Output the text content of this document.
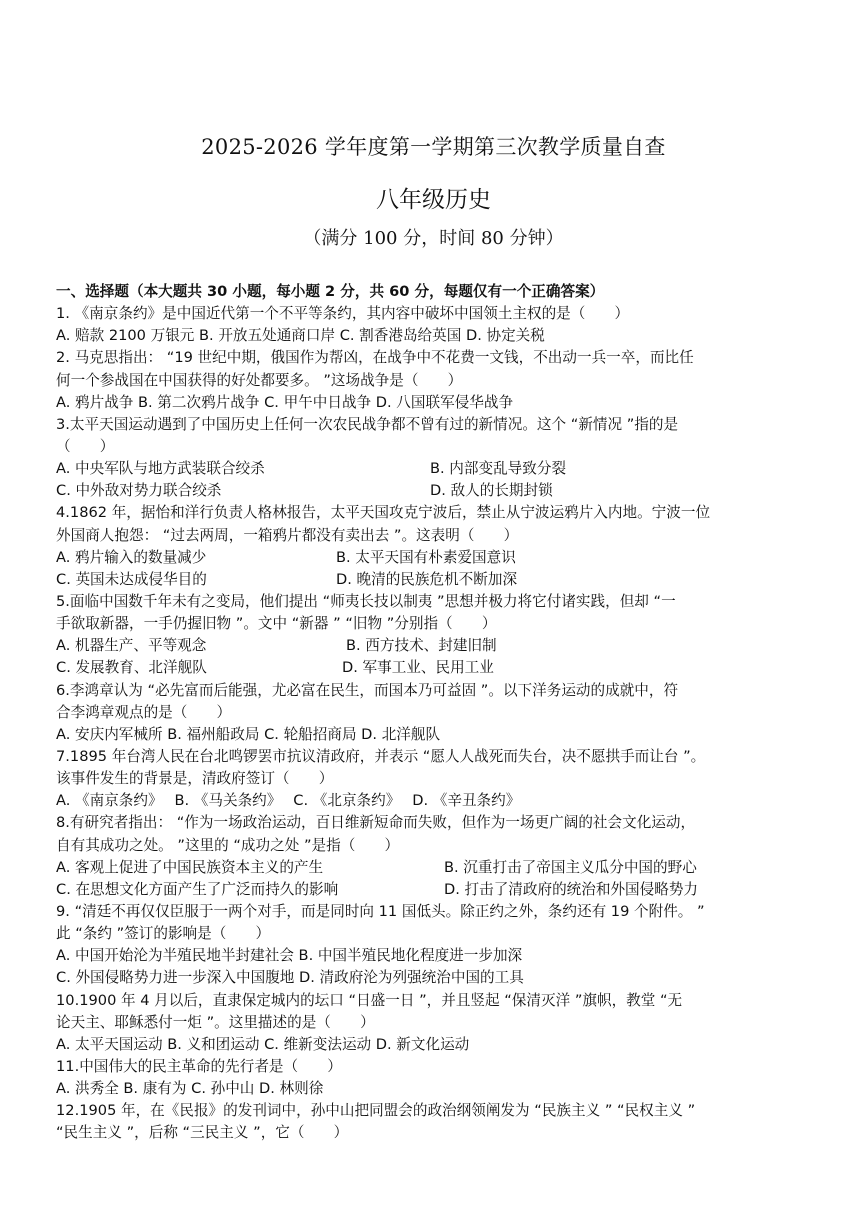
2025-2026 学年度第一学期第三次教学质量自查
八年级历史
（满分 100 分，时间 80 分钟）
一、选择题（本大题共 30 小题，每小题 2 分，共 60 分，每题仅有一个正确答案）
1. 《南京条约》是中国近代第一个不平等条约，其内容中破坏中国领土主权的是（　　）
A. 赔款 2100 万银元 B. 开放五处通商口岸 C. 割香港岛给英国 D. 协定关税
2. 马克思指出： “19 世纪中期，俄国作为帮凶，在战争中不花费一文钱，不出动一兵一卒，而比任
何一个参战国在中国获得的好处都要多。 ”这场战争是（　　）
A. 鸦片战争 B. 第二次鸦片战争 C. 甲午中日战争 D. 八国联军侵华战争
3.太平天国运动遇到了中国历史上任何一次农民战争都不曾有过的新情况。这个 “新情况 ”指的是
（　　）
A. 中央军队与地方武装联合绞杀	B. 内部变乱导致分裂
C. 中外敌对势力联合绞杀	D. 敌人的长期封锁
4.1862 年，据怡和洋行负责人格林报告，太平天国攻克宁波后，禁止从宁波运鸦片入内地。宁波一位
外国商人抱怨： “过去两周，一箱鸦片都没有卖出去 ”。这表明（　　）
A. 鸦片输入的数量减少	B. 太平天国有朴素爱国意识
C. 英国未达成侵华目的	D. 晚清的民族危机不断加深
5.面临中国数千年未有之变局，他们提出 “师夷长技以制夷 ”思想并极力将它付诸实践，但却 “一
手欲取新器，一手仍握旧物 ”。文中 “新器 ” “旧物 ”分别指（　　）
A. 机器生产、平等观念	B. 西方技术、封建旧制
C. 发展教育、北洋舰队	D. 军事工业、民用工业
6.李鸿章认为 “必先富而后能强，尤必富在民生，而国本乃可益固 ”。以下洋务运动的成就中，符
合李鸿章观点的是（　　）
A. 安庆内军械所 B. 福州船政局 C. 轮船招商局 D. 北洋舰队
7.1895 年台湾人民在台北鸣锣罢市抗议清政府，并表示 “愿人人战死而失台，决不愿拱手而让台 ”。
该事件发生的背景是，清政府签订（　　）
A. 《南京条约》　 B. 《马关条约》　 C. 《北京条约》　 D. 《辛丑条约》
8.有研究者指出： “作为一场政治运动，百日维新短命而失败，但作为一场更广阔的社会文化运动，
自有其成功之处。 ”这里的 “成功之处 ”是指（　　）
A. 客观上促进了中国民族资本主义的产生	B. 沉重打击了帝国主义瓜分中国的野心
C. 在思想文化方面产生了广泛而持久的影响	D. 打击了清政府的统治和外国侵略势力
9. “清廷不再仅仅臣服于一两个对手，而是同时向 11 国低头。除正约之外，条约还有 19 个附件。 ”
此 “条约 ”签订的影响是（　　）
A. 中国开始沦为半殖民地半封建社会 B. 中国半殖民地化程度进一步加深
C. 外国侵略势力进一步深入中国腹地 D. 清政府沦为列强统治中国的工具
10.1900 年 4 月以后，直隶保定城内的坛口 “日盛一日 ”，并且竖起 “保清灭洋 ”旗帜，教堂 “无
论天主、耶稣悉付一炬 ”。这里描述的是（　　）
A. 太平天国运动 B. 义和团运动 C. 维新变法运动 D. 新文化运动
11.中国伟大的民主革命的先行者是（　　）
A. 洪秀全 B. 康有为 C. 孙中山 D. 林则徐
12.1905 年，在《民报》的发刊词中，孙中山把同盟会的政治纲领阐发为 “民族主义 ” “民权主义 ”
“民生主义 ”，后称 “三民主义 ”，它（　　）
